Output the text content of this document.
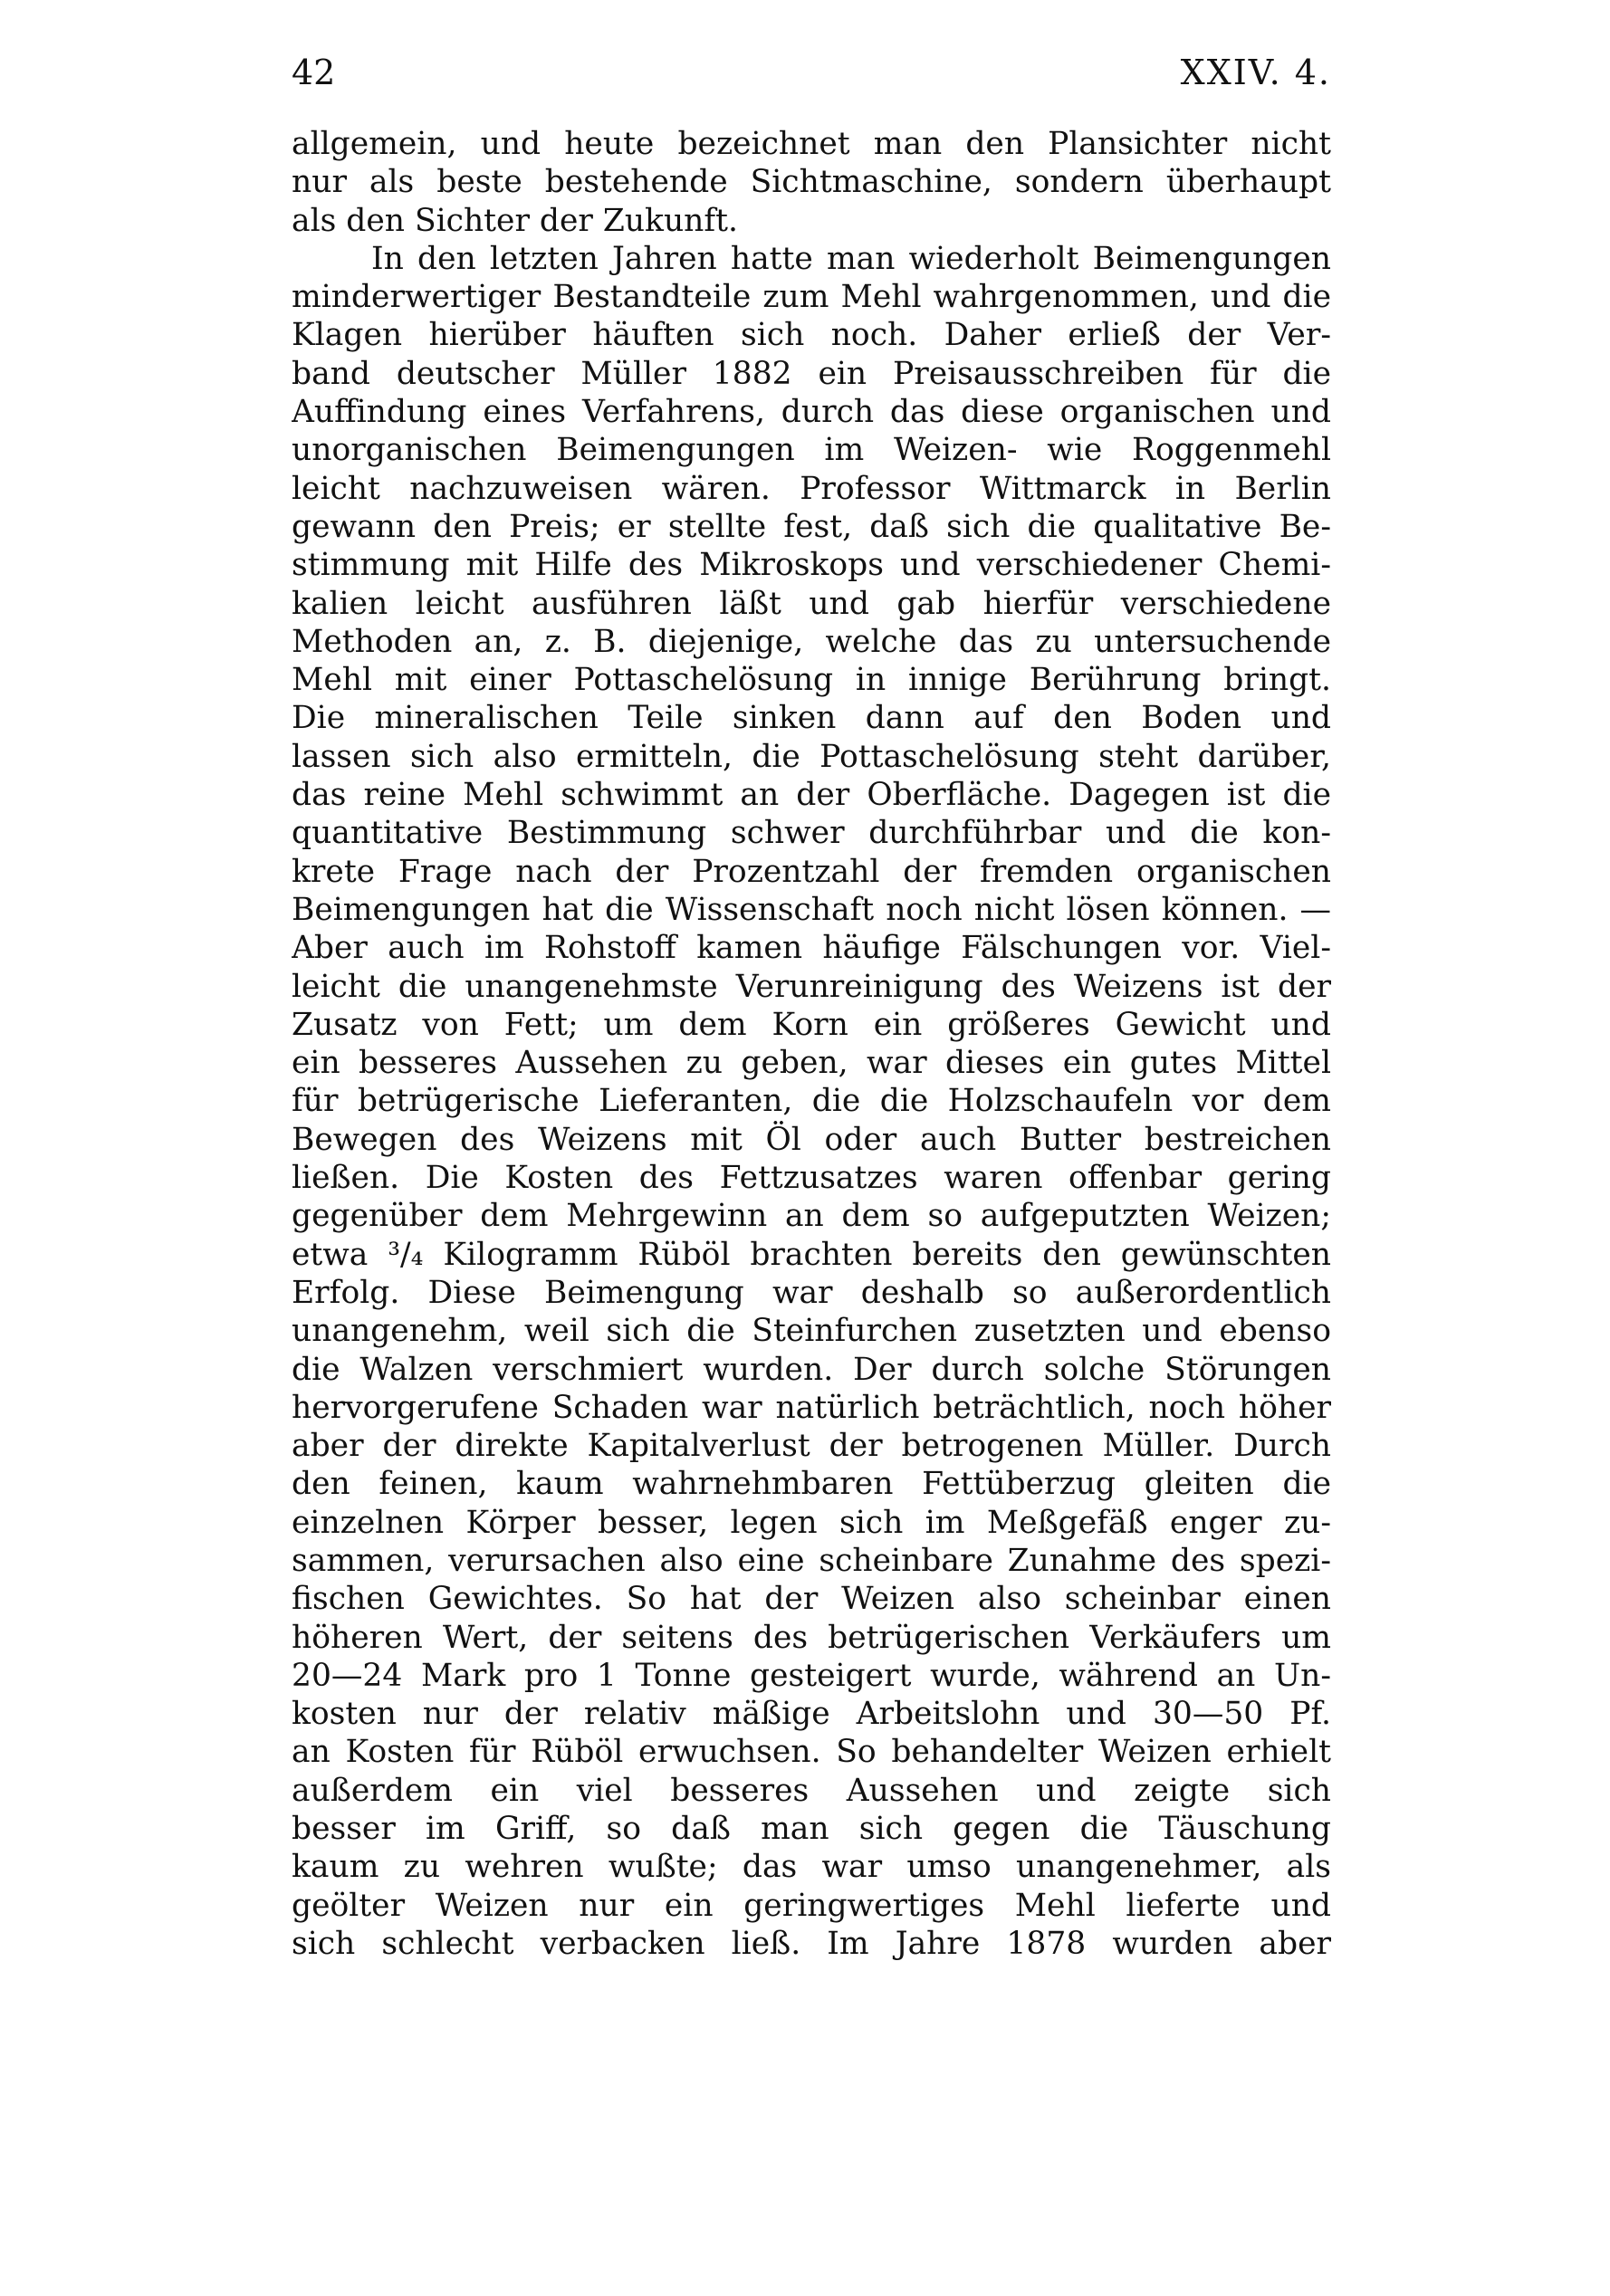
42	XXIV. 4.
allgemein, und heute bezeichnet man den Plansichter nicht
nur als beste bestehende Sichtmaschine, sondern überhaupt
als den Sichter der Zukunft.
In den letzten Jahren hatte man wiederholt Beimengungen
minderwertiger Bestandteile zum Mehl wahrgenommen, und die
Klagen hierüber häuften sich noch. Daher erließ der Ver-
band deutscher Müller 1882 ein Preisausschreiben für die
Auffindung eines Verfahrens, durch das diese organischen und
unorganischen Beimengungen im Weizen- wie Roggenmehl
leicht nachzuweisen wären. Professor Wittmarck in Berlin
gewann den Preis; er stellte fest, daß sich die qualitative Be-
stimmung mit Hilfe des Mikroskops und verschiedener Chemi-
kalien leicht ausführen läßt und gab hierfür verschiedene
Methoden an, z. B. diejenige, welche das zu untersuchende
Mehl mit einer Pottaschelösung in innige Berührung bringt.
Die mineralischen Teile sinken dann auf den Boden und
lassen sich also ermitteln, die Pottaschelösung steht darüber,
das reine Mehl schwimmt an der Oberfläche. Dagegen ist die
quantitative Bestimmung schwer durchführbar und die kon-
krete Frage nach der Prozentzahl der fremden organischen
Beimengungen hat die Wissenschaft noch nicht lösen können. —
Aber auch im Rohstoff kamen häufige Fälschungen vor. Viel-
leicht die unangenehmste Verunreinigung des Weizens ist der
Zusatz von Fett; um dem Korn ein größeres Gewicht und
ein besseres Aussehen zu geben, war dieses ein gutes Mittel
für betrügerische Lieferanten, die die Holzschaufeln vor dem
Bewegen des Weizens mit Öl oder auch Butter bestreichen
ließen. Die Kosten des Fettzusatzes waren offenbar gering
gegenüber dem Mehrgewinn an dem so aufgeputzten Weizen;
etwa ³/₄ Kilogramm Rüböl brachten bereits den gewünschten
Erfolg. Diese Beimengung war deshalb so außerordentlich
unangenehm, weil sich die Steinfurchen zusetzten und ebenso
die Walzen verschmiert wurden. Der durch solche Störungen
hervorgerufene Schaden war natürlich beträchtlich, noch höher
aber der direkte Kapitalverlust der betrogenen Müller. Durch
den feinen, kaum wahrnehmbaren Fettüberzug gleiten die
einzelnen Körper besser, legen sich im Meßgefäß enger zu-
sammen, verursachen also eine scheinbare Zunahme des spezi-
fischen Gewichtes. So hat der Weizen also scheinbar einen
höheren Wert, der seitens des betrügerischen Verkäufers um
20—24 Mark pro 1 Tonne gesteigert wurde, während an Un-
kosten nur der relativ mäßige Arbeitslohn und 30—50 Pf.
an Kosten für Rüböl erwuchsen. So behandelter Weizen erhielt
außerdem ein viel besseres Aussehen und zeigte sich
besser im Griff, so daß man sich gegen die Täuschung
kaum zu wehren wußte; das war umso unangenehmer, als
geölter Weizen nur ein geringwertiges Mehl lieferte und
sich schlecht verbacken ließ. Im Jahre 1878 wurden aber
